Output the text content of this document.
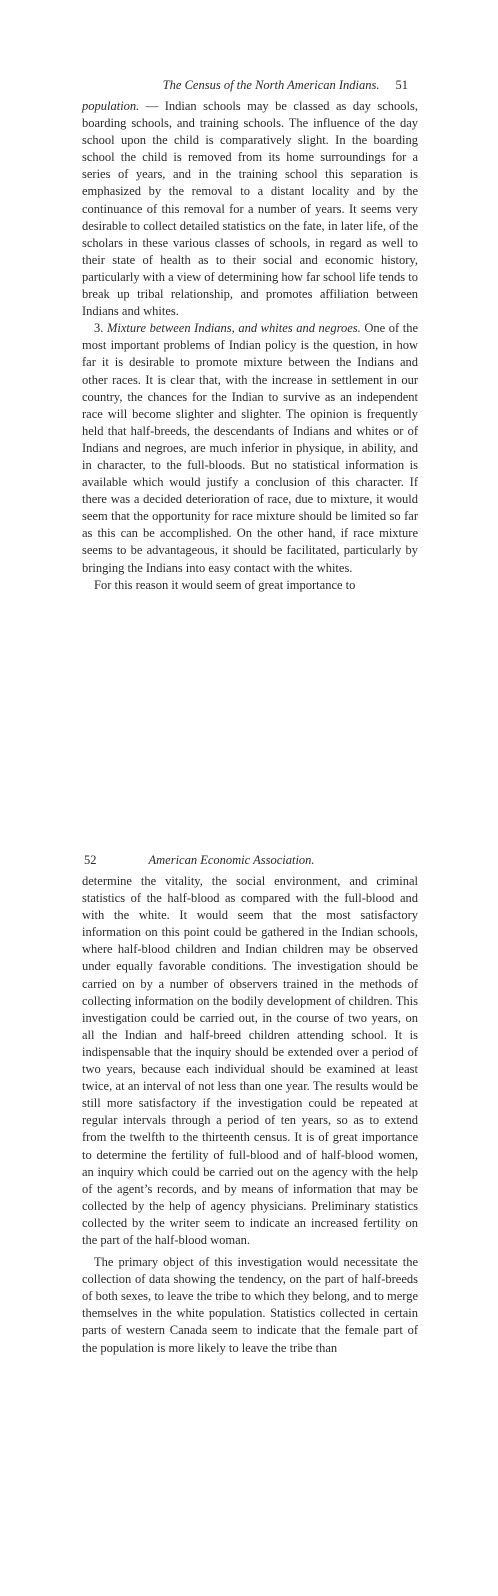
The Census of the North American Indians. 51

population. — Indian schools may be classed as day schools, boarding schools, and training schools. The influence of the day school upon the child is comparatively slight. In the boarding school the child is removed from its home surroundings for a series of years, and in the training school this separation is emphasized by the removal to a distant locality and by the continuance of this removal for a number of years. It seems very desirable to collect detailed statistics on the fate, in later life, of the scholars in these various classes of schools, in regard as well to their state of health as to their social and economic history, particularly with a view of determining how far school life tends to break up tribal relationship, and promotes affiliation between Indians and whites.

3. Mixture between Indians, and whites and negroes. One of the most important problems of Indian policy is the question, in how far it is desirable to promote mixture between the Indians and other races. It is clear that, with the increase in settlement in our country, the chances for the Indian to survive as an independent race will become slighter and slighter. The opinion is frequently held that half-breeds, the descendants of Indians and whites or of Indians and negroes, are much inferior in physique, in ability, and in character, to the full-bloods. But no statistical information is available which would justify a conclusion of this character. If there was a decided deterioration of race, due to mixture, it would seem that the opportunity for race mixture should be limited so far as this can be accomplished. On the other hand, if race mixture seems to be advantageous, it should be facilitated, particularly by bringing the Indians into easy contact with the whites.

For this reason it would seem of great importance to

52	American Economic Association.

determine the vitality, the social environment, and criminal statistics of the half-blood as compared with the full-blood and with the white. It would seem that the most satisfactory information on this point could be gathered in the Indian schools, where half-blood children and Indian children may be observed under equally favorable conditions. The investigation should be carried on by a number of observers trained in the methods of collecting information on the bodily development of children. This investigation could be carried out, in the course of two years, on all the Indian and half-breed children attending school. It is indispensable that the inquiry should be extended over a period of two years, because each individual should be examined at least twice, at an interval of not less than one year. The results would be still more satisfactory if the investigation could be repeated at regular intervals through a period of ten years, so as to extend from the twelfth to the thirteenth census. It is of great importance to determine the fertility of full-blood and of half-blood women, an inquiry which could be carried out on the agency with the help of the agent’s records, and by means of information that may be collected by the help of agency physicians. Preliminary statistics collected by the writer seem to indicate an increased fertility on the part of the half-blood woman.

The primary object of this investigation would necessitate the collection of data showing the tendency, on the part of half-breeds of both sexes, to leave the tribe to which they belong, and to merge themselves in the white population. Statistics collected in certain parts of western Canada seem to indicate that the female part of the population is more likely to leave the tribe than
